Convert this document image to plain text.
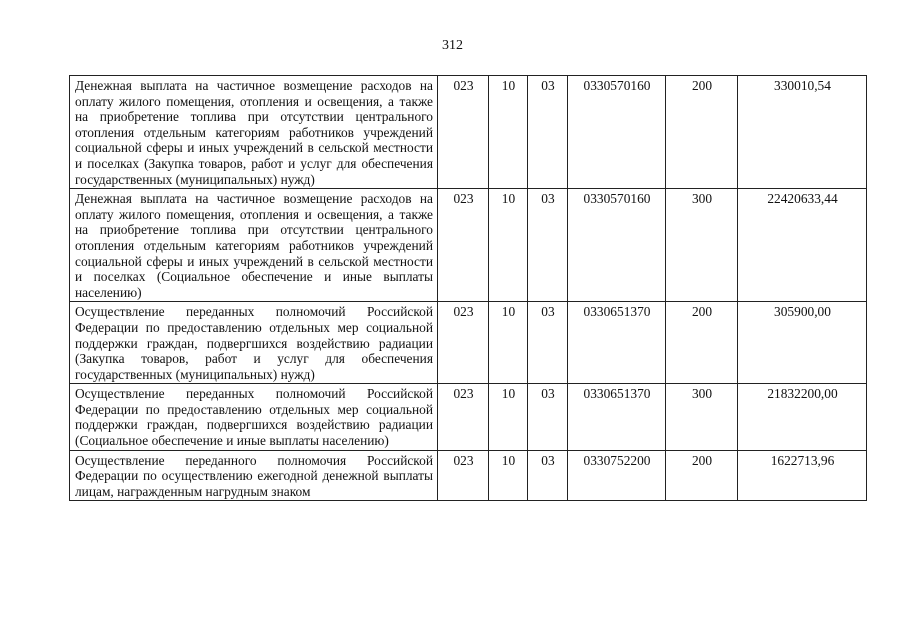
312
Денежная выплата на частичное возмещение расходов на оплату жилого помещения, отопления и освещения, а также на приобретение топлива при отсутствии центрального отопления отдельным категориям работников учреждений социальной сферы и иных учреждений в сельской местности и поселках (Закупка товаров, работ и услуг для обеспечения государственных (муниципальных) нужд)	023	10	03	0330570160	200	330010,54
Денежная выплата на частичное возмещение расходов на оплату жилого помещения, отопления и освещения, а также на приобретение топлива при отсутствии центрального отопления отдельным категориям работников учреждений социальной сферы и иных учреждений в сельской местности и поселках (Социальное обеспечение и иные выплаты населению)	023	10	03	0330570160	300	22420633,44
Осуществление переданных полномочий Российской Федерации по предоставлению отдельных мер социальной поддержки граждан, подвергшихся воздействию радиации (Закупка товаров, работ и услуг для обеспечения государственных (муниципальных) нужд)	023	10	03	0330651370	200	305900,00
Осуществление переданных полномочий Российской Федерации по предоставлению отдельных мер социальной поддержки граждан, подвергшихся воздействию радиации (Социальное обеспечение и иные выплаты населению)	023	10	03	0330651370	300	21832200,00

Осуществление переданного полномочия Российской Федерации по осуществлению ежегодной денежной выплаты лицам, награжденным нагрудным знаком	023	10	03	0330752200	200	1622713,96
